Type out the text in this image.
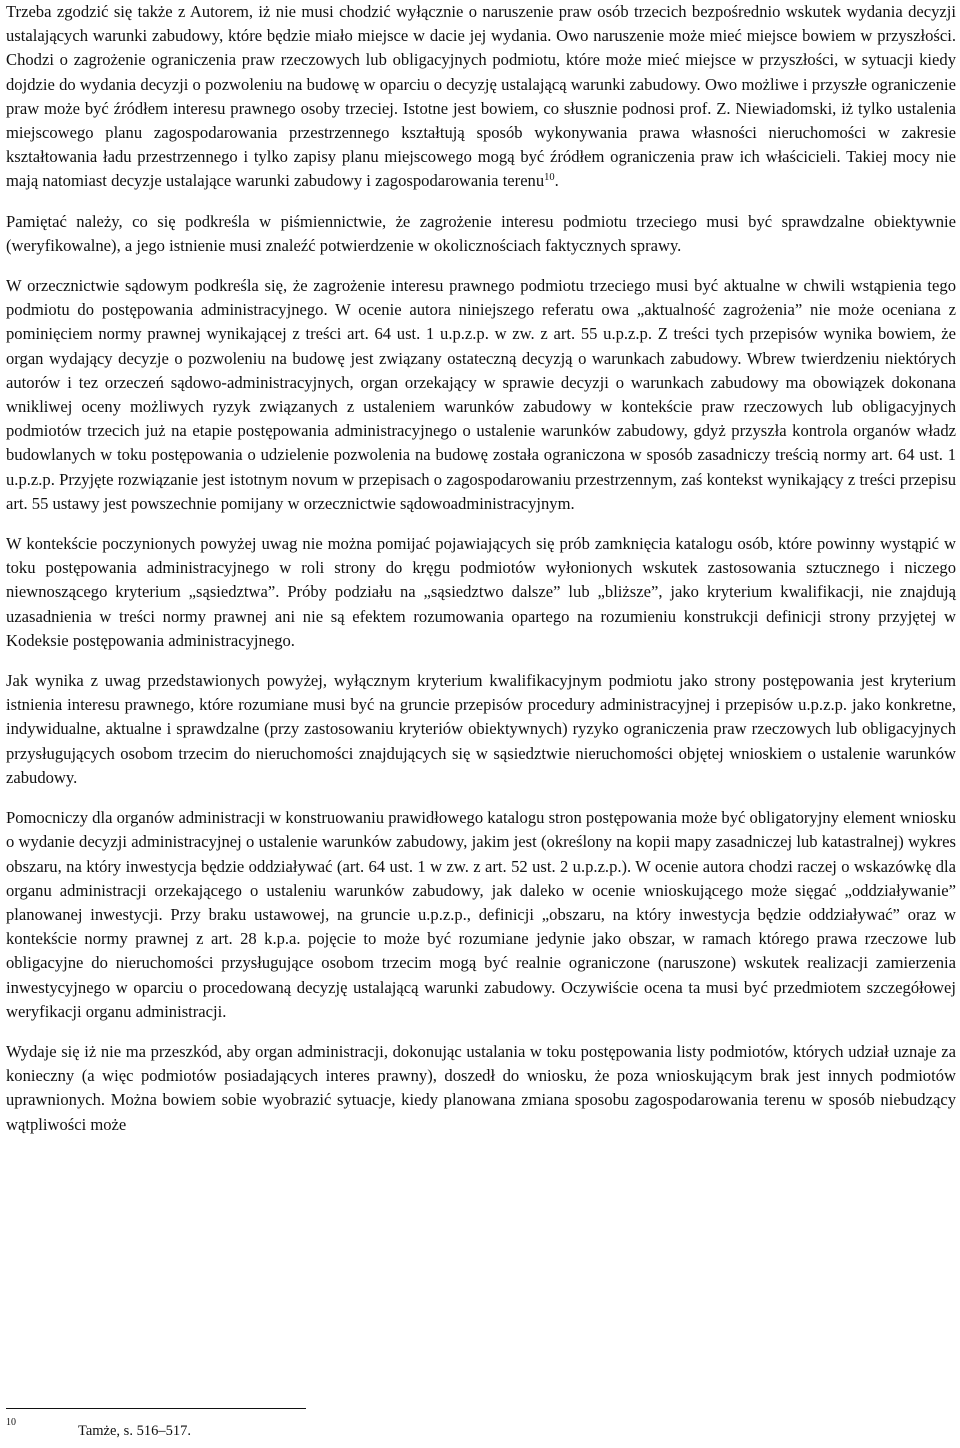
Trzeba zgodzić się także z Autorem, iż nie musi chodzić wyłącznie o naruszenie praw osób trzecich bezpośrednio wskutek wydania decyzji ustalających warunki zabudowy, które będzie miało miejsce w dacie jej wydania. Owo naruszenie może mieć miejsce bowiem w przyszłości. Chodzi o zagrożenie ograniczenia praw rzeczowych lub obligacyjnych podmiotu, które może mieć miejsce w przyszłości, w sytuacji kiedy dojdzie do wydania decyzji o pozwoleniu na budowę w oparciu o decyzję ustalającą warunki zabudowy. Owo możliwe i przyszłe ograniczenie praw może być źródłem interesu prawnego osoby trzeciej. Istotne jest bowiem, co słusznie podnosi prof. Z. Niewiadomski, iż tylko ustalenia miejscowego planu zagospodarowania przestrzennego kształtują sposób wykonywania prawa własności nieruchomości w zakresie kształtowania ładu przestrzennego i tylko zapisy planu miejscowego mogą być źródłem ograniczenia praw ich właścicieli. Takiej mocy nie mają natomiast decyzje ustalające warunki zabudowy i zagospodarowania terenu$^{10}$.

Pamiętać należy, co się podkreśla w piśmiennictwie, że zagrożenie interesu podmiotu trzeciego musi być sprawdzalne obiektywnie (weryfikowalne), a jego istnienie musi znaleźć potwierdzenie w okolicznościach faktycznych sprawy.

W orzecznictwie sądowym podkreśla się, że zagrożenie interesu prawnego podmiotu trzeciego musi być aktualne w chwili wstąpienia tego podmiotu do postępowania administracyjnego. W ocenie autora niniejszego referatu owa „aktualność zagrożenia” nie może oceniana z pominięciem normy prawnej wynikającej z treści art. 64 ust. 1 u.p.z.p. w zw. z art. 55 u.p.z.p. Z treści tych przepisów wynika bowiem, że organ wydający decyzje o pozwoleniu na budowę jest związany ostateczną decyzją o warunkach zabudowy. Wbrew twierdzeniu niektórych autorów i tez orzeczeń sądowo-administracyjnych, organ orzekający w sprawie decyzji o warunkach zabudowy ma obowiązek dokonana wnikliwej oceny możliwych ryzyk związanych z ustaleniem warunków zabudowy w kontekście praw rzeczowych lub obligacyjnych podmiotów trzecich już na etapie postępowania administracyjnego o ustalenie warunków zabudowy, gdyż przyszła kontrola organów władz budowlanych w toku postępowania o udzielenie pozwolenia na budowę została ograniczona w sposób zasadniczy treścią normy art. 64 ust. 1 u.p.z.p. Przyjęte rozwiązanie jest istotnym novum w przepisach o zagospodarowaniu przestrzennym, zaś kontekst wynikający z treści przepisu art. 55 ustawy jest powszechnie pomijany w orzecznictwie sądowoadministracyjnym.

W kontekście poczynionych powyżej uwag nie można pomijać pojawiających się prób zamknięcia katalogu osób, które powinny wystąpić w toku postępowania administracyjnego w roli strony do kręgu podmiotów wyłonionych wskutek zastosowania sztucznego i niczego niewnoszącego kryterium „sąsiedztwa”. Próby podziału na „sąsiedztwo dalsze” lub „bliższe”, jako kryterium kwalifikacji, nie znajdują uzasadnienia w treści normy prawnej ani nie są efektem rozumowania opartego na rozumieniu konstrukcji definicji strony przyjętej w Kodeksie postępowania administracyjnego.

Jak wynika z uwag przedstawionych powyżej, wyłącznym kryterium kwalifikacyjnym podmiotu jako strony postępowania jest kryterium istnienia interesu prawnego, które rozumiane musi być na gruncie przepisów procedury administracyjnej i przepisów u.p.z.p. jako konkretne, indywidualne, aktualne i sprawdzalne (przy zastosowaniu kryteriów obiektywnych) ryzyko ograniczenia praw rzeczowych lub obligacyjnych przysługujących osobom trzecim do nieruchomości znajdujących się w sąsiedztwie nieruchomości objętej wnioskiem o ustalenie warunków zabudowy.

Pomocniczy dla organów administracji w konstruowaniu prawidłowego katalogu stron postępowania może być obligatoryjny element wniosku o wydanie decyzji administracyjnej o ustalenie warunków zabudowy, jakim jest (określony na kopii mapy zasadniczej lub katastralnej) wykres obszaru, na który inwestycja będzie oddziaływać (art. 64 ust. 1 w zw. z art. 52 ust. 2 u.p.z.p.). W ocenie autora chodzi raczej o wskazówkę dla organu administracji orzekającego o ustaleniu warunków zabudowy, jak daleko w ocenie wnioskującego może sięgać „oddziaływanie” planowanej inwestycji. Przy braku ustawowej, na gruncie u.p.z.p., definicji „obszaru, na który inwestycja będzie oddziaływać” oraz w kontekście normy prawnej z art. 28 k.p.a. pojęcie to może być rozumiane jedynie jako obszar, w ramach którego prawa rzeczowe lub obligacyjne do nieruchomości przysługujące osobom trzecim mogą być realnie ograniczone (naruszone) wskutek realizacji zamierzenia inwestycyjnego w oparciu o procedowaną decyzję ustalającą warunki zabudowy. Oczywiście ocena ta musi być przedmiotem szczegółowej weryfikacji organu administracji.

Wydaje się iż nie ma przeszkód, aby organ administracji, dokonując ustalania w toku postępowania listy podmiotów, których udział uznaje za konieczny (a więc podmiotów posiadających interes prawny), doszedł do wniosku, że poza wnioskującym brak jest innych podmiotów uprawnionych. Można bowiem sobie wyobrazić sytuacje, kiedy planowana zmiana sposobu zagospodarowania terenu w sposób niebudzący wątpliwości może

10
Tamże, s. 516–517.
